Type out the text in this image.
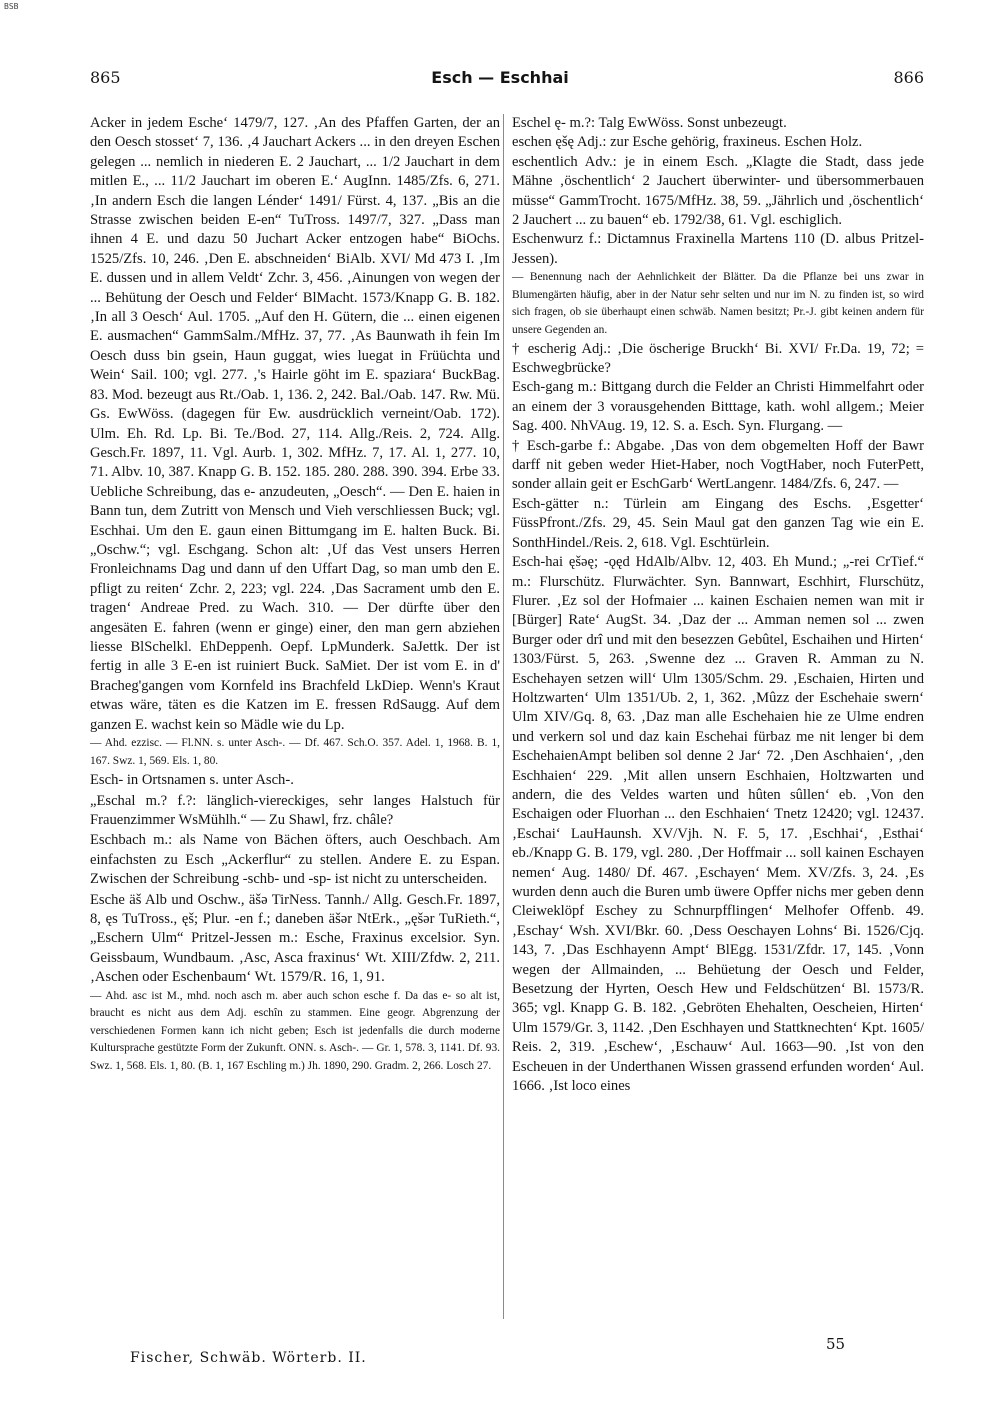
BSB
865	Esch — Eschhai	866

Acker in jedem Esche‘ 1479/7, 127. ‚An des Pfaffen Garten, der an den Oesch stosset‘ 7, 136. ‚4 Jauchart Ackers ... in den dreyen Eschen gelegen ... nemlich in niederen E. 2 Jauchart, ... 1/2 Jauchart in dem mitlen E., ... 11/2 Jauchart im oberen E.‘ AugInn. 1485/Zfs. 6, 271. ‚In andern Esch die langen Lénder‘ 1491/ Fürst. 4, 137. „Bis an die Strasse zwischen beiden E-en“ TuTross. 1497/7, 327. „Dass man ihnen 4 E. und dazu 50 Juchart Acker entzogen habe“ BiOchs. 1525/Zfs. 10, 246. ‚Den E. abschneiden‘ BiAlb. XVI/ Md 473 I. ‚Im E. dussen und in allem Veldt‘ Zchr. 3, 456. ‚Ainungen von wegen der ... Behütung der Oesch und Felder‘ BlMacht. 1573/Knapp G. B. 182. ‚In all 3 Oesch‘ Aul. 1705. „Auf den H. Gütern, die ... einen eigenen E. ausmachen“ GammSalm./MfHz. 37, 77. ‚As Baunwath ih fein Im Oesch duss bin gsein, Haun guggat, wies luegat in Früüchta und Wein‘ Sail. 100; vgl. 277. ‚'s Hairle göht im E. spaziara‘ BuckBag. 83. Mod. bezeugt aus Rt./Oab. 1, 136. 2, 242. Bal./Oab. 147. Rw. Mü. Gs. EwWöss. (dagegen für Ew. ausdrücklich verneint/Oab. 172). Ulm. Eh. Rd. Lp. Bi. Te./Bod. 27, 114. Allg./Reis. 2, 724. Allg. Gesch.Fr. 1897, 11. Vgl. Aurb. 1, 302. MfHz. 7, 17. Al. 1, 277. 10, 71. Albv. 10, 387. Knapp G. B. 152. 185. 280. 288. 390. 394. Erbe 33. Uebliche Schreibung, das e- anzudeuten, „Oesch“. — Den E. haien in Bann tun, dem Zutritt von Mensch und Vieh verschliessen Buck; vgl. Eschhai. Um den E. gaun einen Bittumgang im E. halten Buck. Bi. „Oschw.“; vgl. Eschgang. Schon alt: ‚Uf das Vest unsers Herren Fronleichnams Dag und dann uf den Uffart Dag, so man umb den E. pfligt zu reiten‘ Zchr. 2, 223; vgl. 224. ‚Das Sacrament umb den E. tragen‘ Andreae Pred. zu Wach. 310. — Der dürfte über den angesäten E. fahren (wenn er ginge) einer, den man gern abziehen liesse BlSchelkl. EhDeppenh. Oepf. LpMunderk. SaJettk. Der ist fertig in alle 3 E-en ist ruiniert Buck. SaMiet. Der ist vom E. in d' Bracheg'gangen vom Kornfeld ins Brachfeld LkDiep. Wenn's Kraut etwas wäre, täten es die Katzen im E. fressen RdSaugg. Auf dem ganzen E. wachst kein so Mädle wie du Lp.

— Ahd. ezzisc. — Fl.NN. s. unter Asch-. — Df. 467. Sch.O. 357. Adel. 1, 1968. B. 1, 167. Swz. 1, 569. Els. 1, 80.

Esch- in Ortsnamen s. unter Asch-.

„Eschal m.? f.?: länglich-viereckiges, sehr langes Halstuch für Frauenzimmer WsMühlh.“ — Zu Shawl, frz. châle?

Eschbach m.: als Name von Bächen öfters, auch Oeschbach. Am einfachsten zu Esch „Ackerflur“ zu stellen. Andere E. zu Espan. Zwischen der Schreibung -schb- und -sp- ist nicht zu unterscheiden.

Esche äš Alb und Oschw., äšə TirNess. Tannh./ Allg. Gesch.Fr. 1897, 8, ęs TuTross., ęš; Plur. -en f.; daneben äšər NtErk., „ęšər TuRieth.“, „Eschern Ulm“ Pritzel-Jessen m.: Esche, Fraxinus excelsior. Syn. Geissbaum, Wundbaum. ‚Asc, Asca fraxinus‘ Wt. XIII/Zfdw. 2, 211. ‚Aschen oder Eschenbaum‘ Wt. 1579/R. 16, 1, 91.

— Ahd. asc ist M., mhd. noch asch m. aber auch schon esche f. Da das e- so alt ist, braucht es nicht aus dem Adj. eschîn zu stammen. Eine geogr. Abgrenzung der verschiedenen Formen kann ich nicht geben; Esch ist jedenfalls die durch moderne Kultursprache gestützte Form der Zukunft. ONN. s. Asch-. — Gr. 1, 578. 3, 1141. Df. 93. Swz. 1, 568. Els. 1, 80. (B. 1, 167 Eschling m.) Jh. 1890, 290. Gradm. 2, 266. Losch 27.

Eschel ę- m.?: Talg EwWöss. Sonst unbezeugt.

eschen ęšę Adj.: zur Esche gehörig, fraxineus. Eschen Holz.

eschentlich Adv.: je in einem Esch. „Klagte die Stadt, dass jede Mähne ‚öschentlich‘ 2 Jauchert überwinter- und übersommerbauen müsse“ GammTrocht. 1675/MfHz. 38, 59. „Jährlich und ‚öschentlich‘ 2 Jauchert ... zu bauen“ eb. 1792/38, 61. Vgl. eschiglich.

Eschenwurz f.: Dictamnus Fraxinella Martens 110 (D. albus Pritzel-Jessen).

— Benennung nach der Aehnlichkeit der Blätter. Da die Pflanze bei uns zwar in Blumengärten häufig, aber in der Natur sehr selten und nur im N. zu finden ist, so wird sich fragen, ob sie überhaupt einen schwäb. Namen besitzt; Pr.-J. gibt keinen andern für unsere Gegenden an.

† escherig Adj.: ‚Die öscherige Bruckh‘ Bi. XVI/ Fr.Da. 19, 72; = Eschwegbrücke?

Esch-gang m.: Bittgang durch die Felder an Christi Himmelfahrt oder an einem der 3 vorausgehenden Bitttage, kath. wohl allgem.; Meier Sag. 400. NhVAug. 19, 12. S. a. Esch. Syn. Flurgang. —

† Esch-garbe f.: Abgabe. ‚Das von dem obgemelten Hoff der Bawr darff nit geben weder Hiet-Haber, noch VogtHaber, noch FuterPett, sonder allain geit er EschGarb‘ WertLangenr. 1484/Zfs. 6, 247. —

Esch-gätter n.: Türlein am Eingang des Eschs. ‚Esgetter‘ FüssPfront./Zfs. 29, 45. Sein Maul gat den ganzen Tag wie ein E. SonthHindel./Reis. 2, 618. Vgl. Eschtürlein.

Esch-hai ęšəę; -ǫęd HdAlb/Albv. 12, 403. Eh Mund.; „-rei CrTief.“ m.: Flurschütz. Flurwächter. Syn. Bannwart, Eschhirt, Flurschütz, Flurer. ‚Ez sol der Hofmaier ... kainen Eschaien nemen wan mit ir [Bürger] Rate‘ AugSt. 34. ‚Daz der ... Amman nemen sol ... zwen Burger oder drî und mit den besezzen Gebûtel, Eschaihen und Hirten‘ 1303/Fürst. 5, 263. ‚Swenne dez ... Graven R. Amman zu N. Eschehayen setzen will‘ Ulm 1305/Schm. 29. ‚Eschaien, Hirten und Holtzwarten‘ Ulm 1351/Ub. 2, 1, 362. ‚Mûzz der Eschehaie swern‘ Ulm XIV/Gq. 8, 63. ‚Daz man alle Eschehaien hie ze Ulme endren und verkern sol und daz kain Eschehai fürbaz me nit lenger bi dem EschehaienAmpt beliben sol denne 2 Jar‘ 72. ‚Den Aschhaien‘, ‚den Eschhaien‘ 229. ‚Mit allen unsern Eschhaien, Holtzwarten und andern, die des Veldes warten und hûten sûllen‘ eb. ‚Von den Eschaigen oder Fluorhan ... den Eschhaien‘ Tnetz 12420; vgl. 12437. ‚Eschai‘ LauHaunsh. XV/Vjh. N. F. 5, 17. ‚Eschhai‘, ‚Esthai‘ eb./Knapp G. B. 179, vgl. 280. ‚Der Hoffmair ... soll kainen Eschayen nemen‘ Aug. 1480/ Df. 467. ‚Eschayen‘ Mem. XV/Zfs. 3, 24. ‚Es wurden denn auch die Buren umb üwere Opffer nichs mer geben denn Cleiweklöpf Eschey zu Schnurpfflingen‘ Melhofer Offenb. 49. ‚Eschay‘ Wsh. XVI/Bkr. 60. ‚Dess Oeschayen Lohns‘ Bi. 1526/Cjq. 143, 7. ‚Das Eschhayenn Ampt‘ BlEgg. 1531/Zfdr. 17, 145. ‚Vonn wegen der Allmainden, ... Behüetung der Oesch und Felder, Besetzung der Hyrten, Oesch Hew und Feldschützen‘ Bl. 1573/R. 365; vgl. Knapp G. B. 182. ‚Gebröten Ehehalten, Oescheien, Hirten‘ Ulm 1579/Gr. 3, 1142. ‚Den Eschhayen und Stattknechten‘ Kpt. 1605/ Reis. 2, 319. ‚Eschew‘, ‚Eschauw‘ Aul. 1663—90. ‚Ist von den Escheuen in der Underthanen Wissen grassend erfunden worden‘ Aul. 1666. ‚Ist loco eines

Fischer, Schwäb. Wörterb. II.
55
